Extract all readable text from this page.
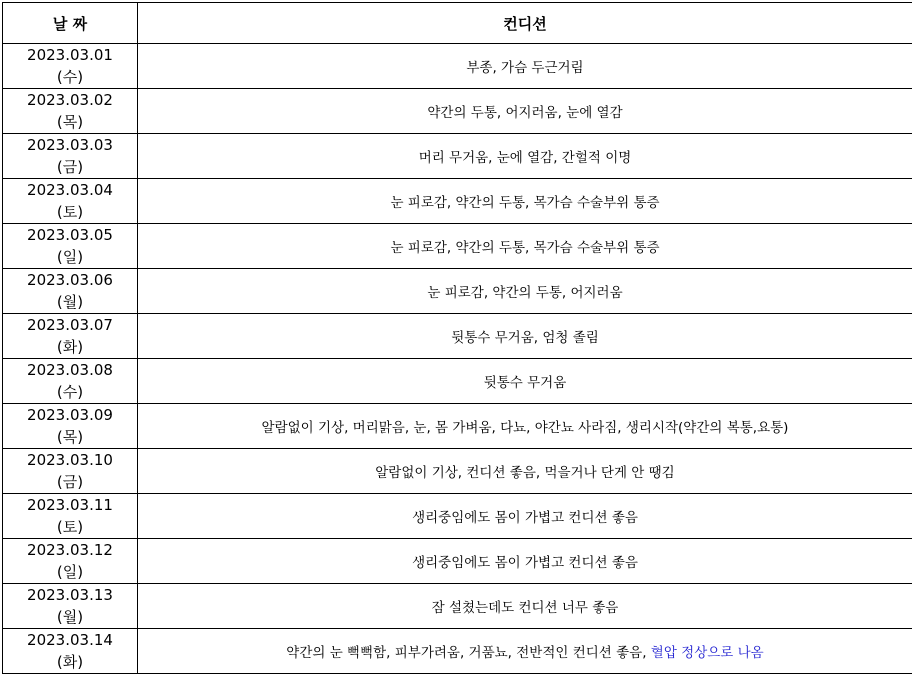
날 짜	컨디션

2023.03.01
(수)	부종, 가슴 두근거림

2023.03.02
(목)	약간의 두통, 어지러움, 눈에 열감

2023.03.03
(금)	머리 무거움, 눈에 열감, 간헐적 이명

2023.03.04
(토)	눈 피로감, 약간의 두통, 목가슴 수술부위 통증

2023.03.05
(일)	눈 피로감, 약간의 두통, 목가슴 수술부위 통증

2023.03.06
(월)	눈 피로감, 약간의 두통, 어지러움

2023.03.07
(화)	뒷통수 무거움, 엄청 졸림

2023.03.08
(수)	뒷통수 무거움

2023.03.09
(목)	알람없이 기상, 머리맑음, 눈, 몸 가벼움, 다뇨, 야간뇨 사라짐, 생리시작(약간의 복통,요통)

2023.03.10
(금)	알람없이 기상, 컨디션 좋음, 먹을거나 단게 안 땡김

2023.03.11
(토)	생리중임에도 몸이 가볍고 컨디션 좋음

2023.03.12
(일)	생리중임에도 몸이 가볍고 컨디션 좋음

2023.03.13
(월)	잠 설쳤는데도 컨디션 너무 좋음

2023.03.14
(화)	약간의 눈 뻑뻑함, 피부가려움, 거품뇨, 전반적인 컨디션 좋음, 혈압 정상으로 나옴
